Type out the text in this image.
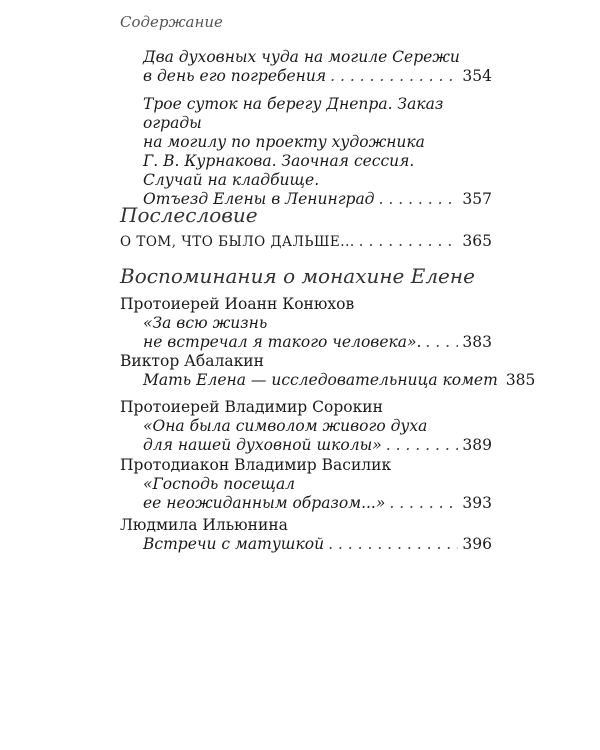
Содержание
Два духовных чуда на могиле Сережи
в день его погребения . . .	354
Трое суток на берегу Днепра. Заказ ограды
на могилу по проекту художника
Г. В. Курнакова. Заочная сессия.
Случай на кладбище.
Отъезд Елены в Ленинград . . .	357
Послесловие
О ТОМ, ЧТО БЫЛО ДАЛЬШЕ... . . .	365
Воспоминания о монахине Елене
Протоиерей Иоанн Конюхов
«За всю жизнь
не встречал я такого человека». . . .	383
Виктор Абалакин
Мать Елена — исследовательница комет 385
Протоиерей Владимир Сорокин
«Она была символом живого духа
для нашей духовной школы» . . .	389
Протодиакон Владимир Василик
«Господь посещал
ее неожиданным образом...» . . .	393
Людмила Ильюнина
Встречи с матушкой . . .	396
